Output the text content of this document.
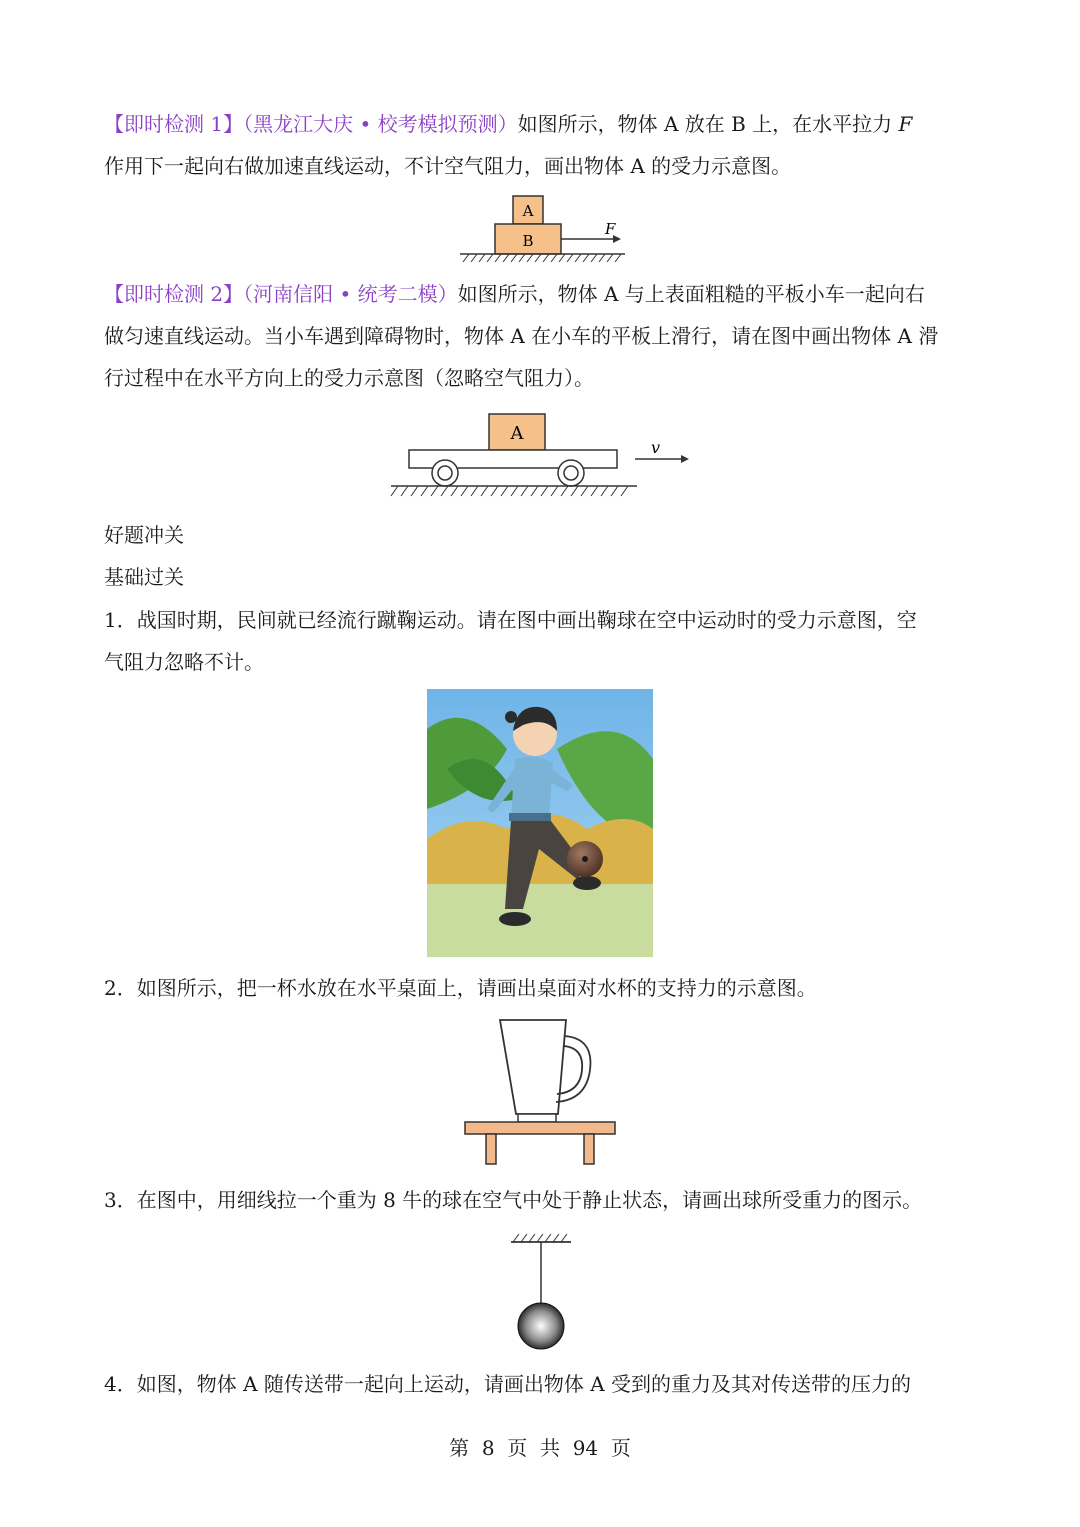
【即时检测 1】（黑龙江大庆 • 校考模拟预测）如图所示，物体 A 放在 B 上，在水平拉力 F
作用下一起向右做加速直线运动，不计空气阻力，画出物体 A 的受力示意图。
A
B
F
【即时检测 2】（河南信阳 • 统考二模）如图所示，物体 A 与上表面粗糙的平板小车一起向右
做匀速直线运动。当小车遇到障碍物时，物体 A 在小车的平板上滑行，请在图中画出物体 A 滑
行过程中在水平方向上的受力示意图（忽略空气阻力）。
A
v
好题冲关
基础过关
1．战国时期，民间就已经流行蹴鞠运动。请在图中画出鞠球在空中运动时的受力示意图，空
气阻力忽略不计。
2．如图所示，把一杯水放在水平桌面上，请画出桌面对水杯的支持力的示意图。
3．在图中，用细线拉一个重为 8 牛的球在空气中处于静止状态，请画出球所受重力的图示。
4．如图，物体 A 随传送带一起向上运动，请画出物体 A 受到的重力及其对传送带的压力的
第  8  页  共  94  页
